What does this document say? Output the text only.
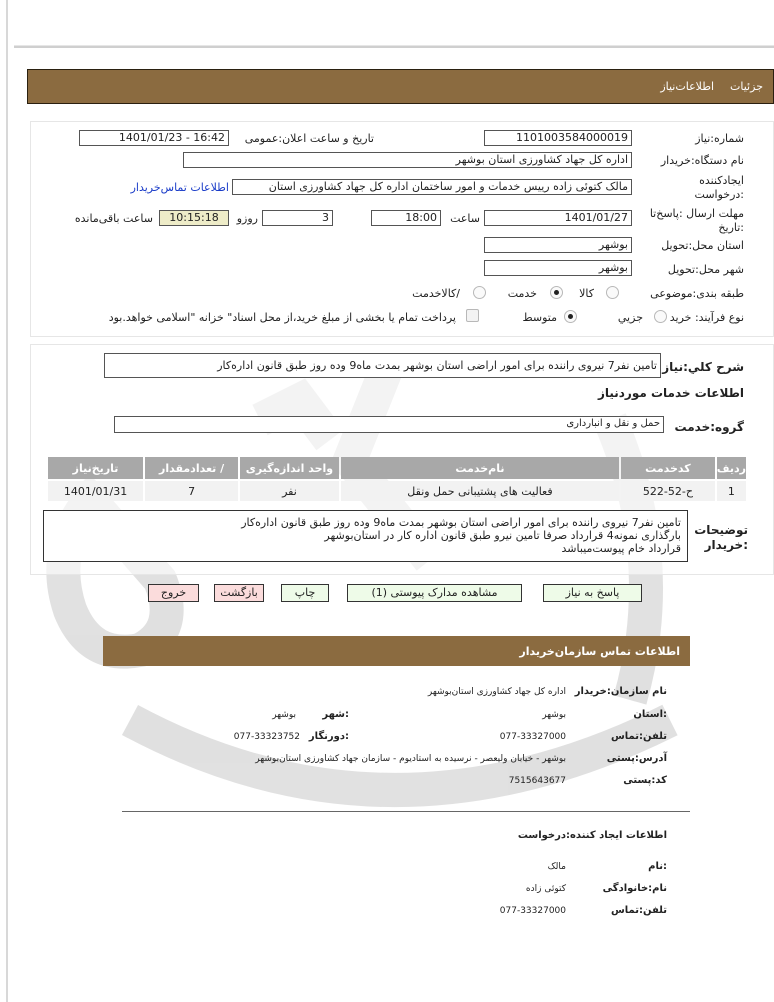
جزئیات
اطلاعات‌نیاز
شماره:نیاز
1101003584000019
تاریخ و ساعت اعلان:عمومی
1401/01/23 - 16:42
نام دستگاه:خریدار
اداره کل جهاد کشاورزی استان بوشهر
ایجادکننده
:درخواست
مالک کتوئی زاده رییس خدمات و امور ساختمان اداره کل جهاد کشاورزی استان
اطلاعات تماس‌خریدار
مهلت ارسال :پاسخ‌تا
:تاریخ
1401/01/27
ساعت
18:00
3
روزو
10:15:18
ساعت باقی‌مانده
استان محل:تحویل
بوشهر
شهر محل:تحویل
بوشهر
طبقه بندی:موضوعی
کالا
خدمت
/کالاخدمت
نوع فرآیند: خرید
جزیي
متوسط
پرداخت تمام یا بخشی از مبلغ خرید،از محل اسناد" خزانه "اسلامی خواهد.بود
شرح کلي:نیاز
تامین نفر7 نیروی راننده برای امور اراضی استان بوشهر بمدت ماه9 وده روز طبق قانون اداره‌کار
اطلاعات خدمات موردنیاز
گروه:خدمت
حمل و نقل و انبارداری
ردیف	کدخدمت	نام‌خدمت	واحد اندازه‌گیری	/ تعدادمقدار	تاریخ‌نیاز
1	ح-52-522	فعالیت های پشتیبانی حمل ونقل	نفر	7	1401/01/31
توضیحات
:خریدار
تامین نفر7 نیروی راننده برای امور اراضی استان بوشهر بمدت ماه9 وده روز طبق قانون اداره‌کار
بارگذاری نمونه4 قرارداد صرفا تامین نیرو طبق قانون اداره کار در استان‌بوشهر
قرارداد خام پیوست‌میباشد
پاسخ به نیاز
مشاهده مدارک پیوستی (1)
چاپ
بازگشت
خروج
اطلاعات تماس سازمان‌خریدار
نام سازمان:خریدار
اداره کل جهاد کشاورزی استان‌بوشهر
:استان
بوشهر
:شهر
بوشهر
تلفن:تماس
077-33327000
:دورنگار
077-33323752
آدرس:پستی
بوشهر - خیابان ولیعصر - نرسیده به استادیوم - سازمان جهاد کشاورزی استان‌بوشهر
کد:پستی
7515643677
اطلاعات ایجاد کننده:درخواست
:نام
مالک
نام:خانوادگی
کتوئی زاده
تلفن:تماس
077-33327000
